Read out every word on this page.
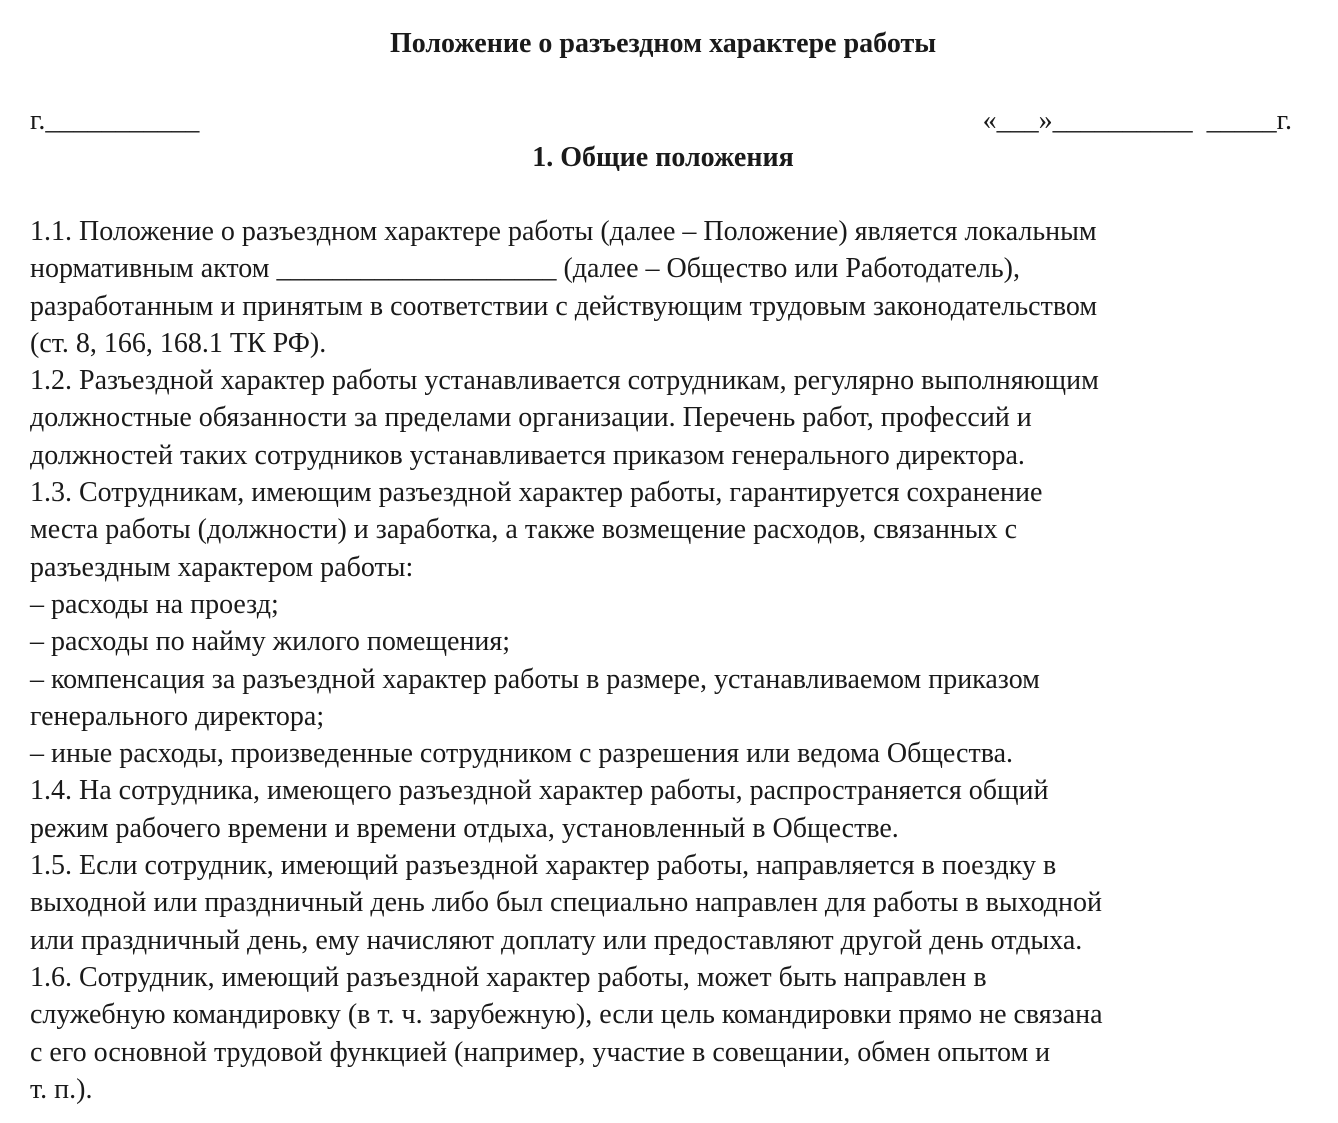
Положение о разъездном характере работы
г.___________	«___»__________  _____г.
1. Общие положения
1.1. Положение о разъездном характере работы (далее – Положение) является локальным
нормативным актом ____________________ (далее – Общество или Работодатель),
разработанным и принятым в соответствии с действующим трудовым законодательством
(ст. 8, 166, 168.1 ТК РФ).
1.2. Разъездной характер работы устанавливается сотрудникам, регулярно выполняющим
должностные обязанности за пределами организации. Перечень работ, профессий и
должностей таких сотрудников устанавливается приказом генерального директора.
1.3. Сотрудникам, имеющим разъездной характер работы, гарантируется сохранение
места работы (должности) и заработка, а также возмещение расходов, связанных с
разъездным характером работы:
– расходы на проезд;
– расходы по найму жилого помещения;
– компенсация за разъездной характер работы в размере, устанавливаемом приказом
генерального директора;
– иные расходы, произведенные сотрудником с разрешения или ведома Общества.
1.4. На сотрудника, имеющего разъездной характер работы, распространяется общий
режим рабочего времени и времени отдыха, установленный в Обществе.
1.5. Если сотрудник, имеющий разъездной характер работы, направляется в поездку в
выходной или праздничный день либо был специально направлен для работы в выходной
или праздничный день, ему начисляют доплату или предоставляют другой день отдыха.
1.6. Сотрудник, имеющий разъездной характер работы, может быть направлен в
служебную командировку (в т. ч. зарубежную), если цель командировки прямо не связана
с его основной трудовой функцией (например, участие в совещании, обмен опытом и
т. п.).
